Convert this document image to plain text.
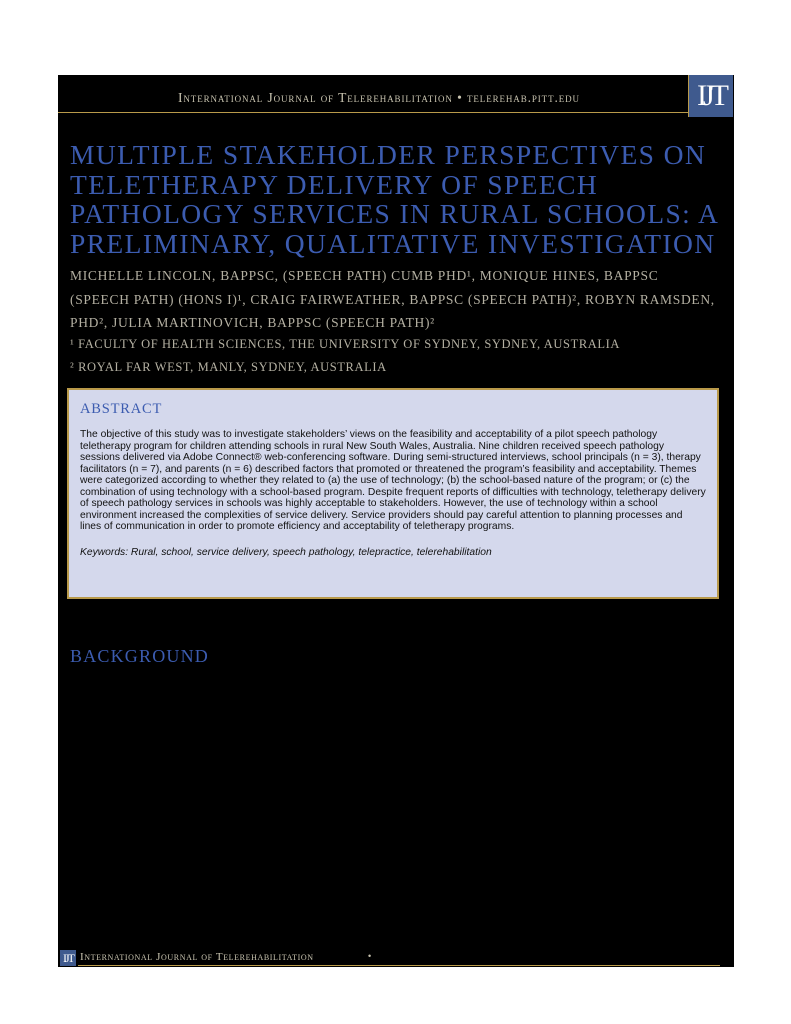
International Journal of Telerehabilitation • telerehab.pitt.edu	IJT
MULTIPLE STAKEHOLDER PERSPECTIVES ON TELETHERAPY DELIVERY OF SPEECH PATHOLOGY SERVICES IN RURAL SCHOOLS: A PRELIMINARY, QUALITATIVE INVESTIGATION

MICHELLE LINCOLN, BAPPSC, (SPEECH PATH) CUMB PHD¹, MONIQUE HINES, BAPPSC (SPEECH PATH) (HONS I)¹, CRAIG FAIRWEATHER, BAPPSC (SPEECH PATH)², ROBYN RAMSDEN, PHD², JULIA MARTINOVICH, BAPPSC (SPEECH PATH)²

¹ FACULTY OF HEALTH SCIENCES, THE UNIVERSITY OF SYDNEY, SYDNEY, AUSTRALIA

² ROYAL FAR WEST, MANLY, SYDNEY, AUSTRALIA

ABSTRACT

The objective of this study was to investigate stakeholders’ views on the feasibility and acceptability of a pilot speech pathology teletherapy program for children attending schools in rural New South Wales, Australia. Nine children received speech pathology sessions delivered via Adobe Connect® web-conferencing software. During semi-structured interviews, school principals (n = 3), therapy facilitators (n = 7), and parents (n = 6) described factors that promoted or threatened the program’s feasibility and acceptability. Themes were categorized according to whether they related to (a) the use of technology; (b) the school-based nature of the program; or (c) the combination of using technology with a school-based program. Despite frequent reports of difficulties with technology, teletherapy delivery of speech pathology services in schools was highly acceptable to stakeholders. However, the use of technology within a school environment increased the complexities of service delivery. Service providers should pay careful attention to planning processes and lines of communication in order to promote efficiency and acceptability of teletherapy programs.

Keywords: Rural, school, service delivery, speech pathology, telepractice, telerehabilitation

BACKGROUND
IJT International Journal of Telerehabilitation	•
